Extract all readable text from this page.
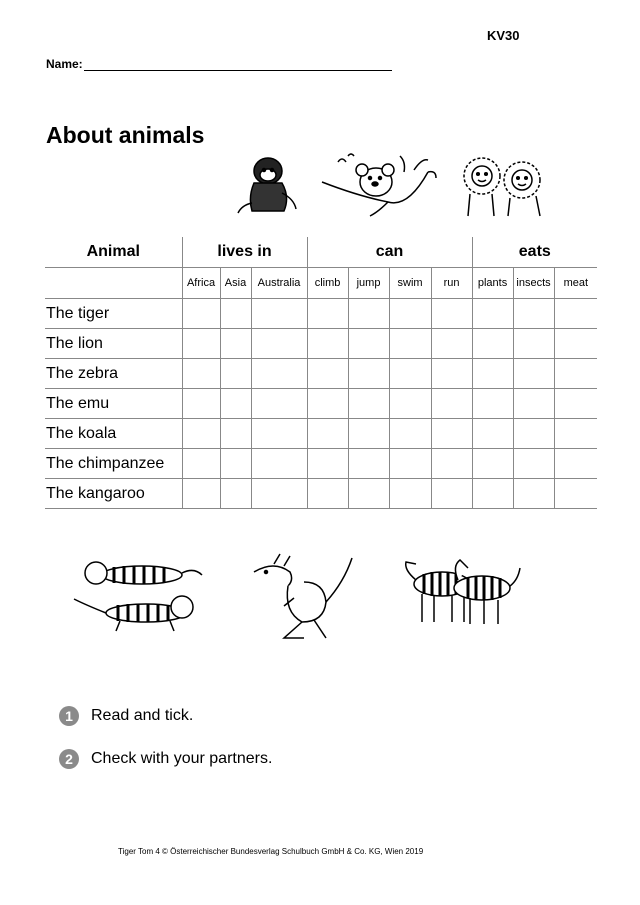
KV30
Name:
About animals
Animal	lives in			can				eats		
	Africa	Asia	Australia	climb	jump	swim	run	plants	insects	meat
The tiger										
The lion										
The zebra										
The emu										
The koala										
The chimpanzee										
The kangaroo										
1	Read and tick.
2	Check with your partners.
Tiger Tom 4 © Österreichischer Bundesverlag Schulbuch GmbH & Co. KG, Wien 2019
